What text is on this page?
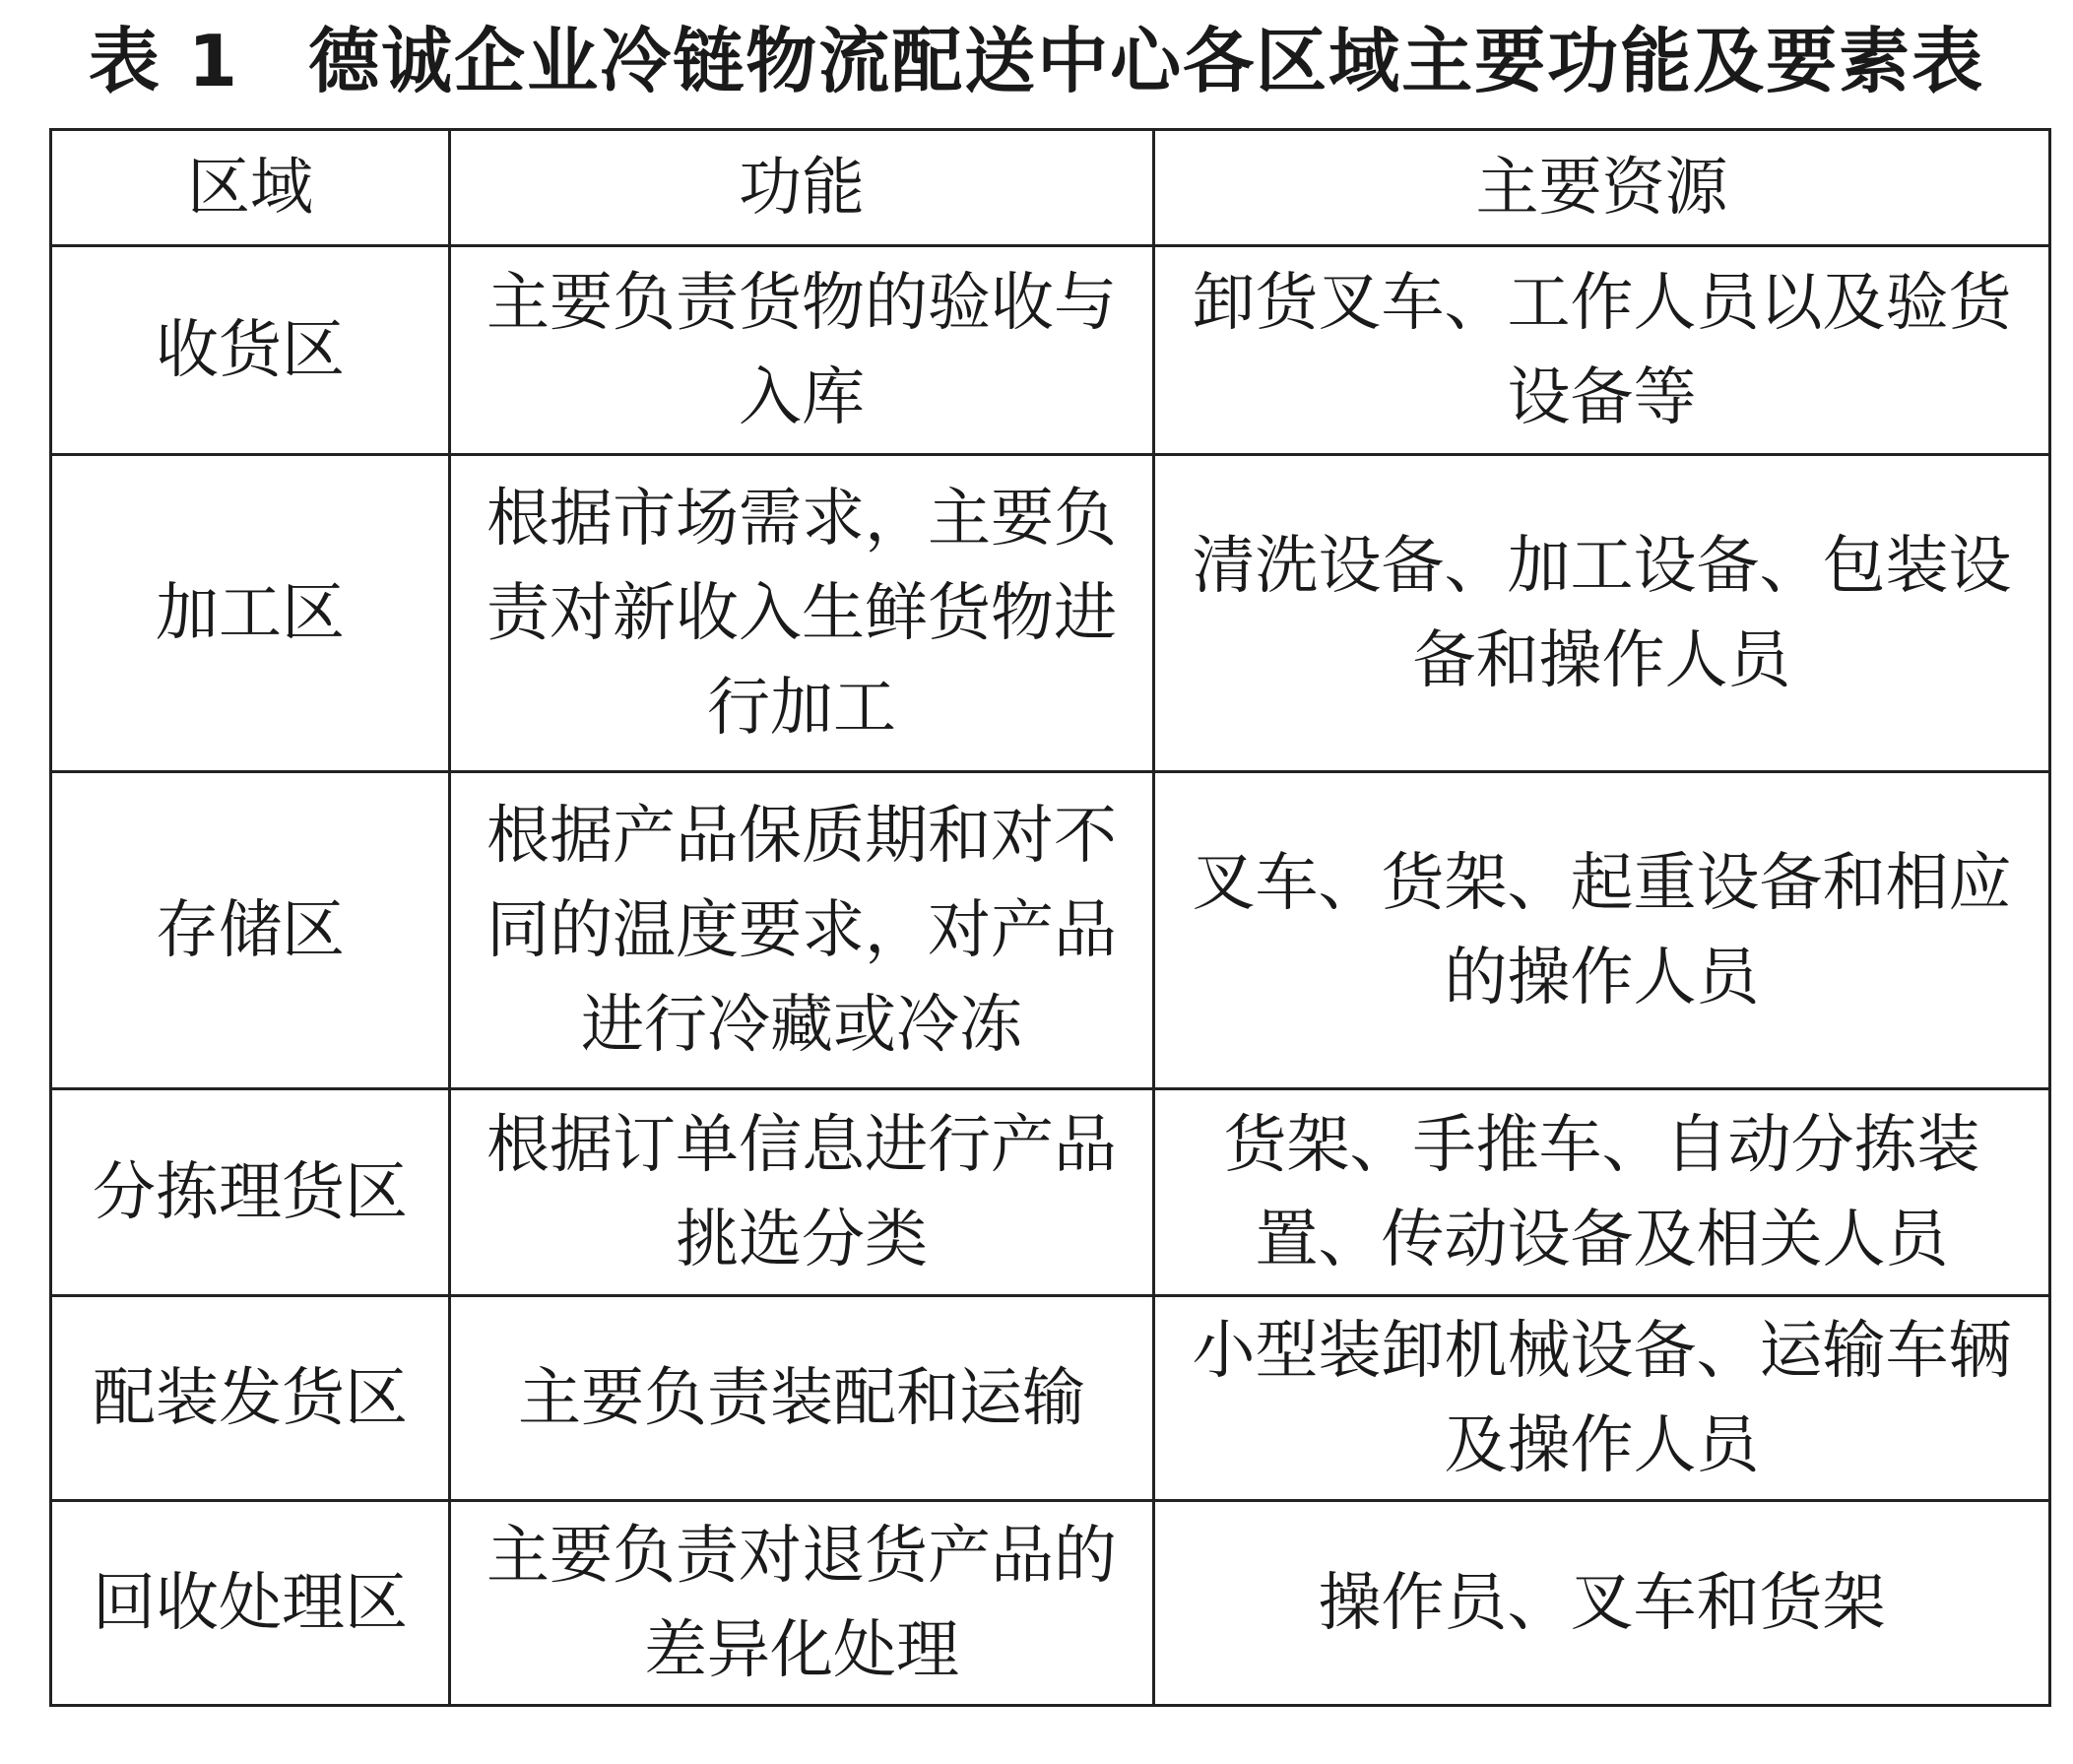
表 1 德诚企业冷链物流配送中心各区域主要功能及要素表
区域	功能	主要资源
收货区	主要负责货物的验收与入库	卸货叉车、工作人员以及验货设备等
加工区	根据市场需求，主要负责对新收入生鲜货物进行加工	清洗设备、加工设备、包装设备和操作人员
存储区	根据产品保质期和对不同的温度要求，对产品进行冷藏或冷冻	叉车、货架、起重设备和相应的操作人员
分拣理货区	根据订单信息进行产品挑选分类	货架、手推车、自动分拣装置、传动设备及相关人员
配装发货区	主要负责装配和运输	小型装卸机械设备、运输车辆及操作人员
回收处理区	主要负责对退货产品的差异化处理	操作员、叉车和货架
